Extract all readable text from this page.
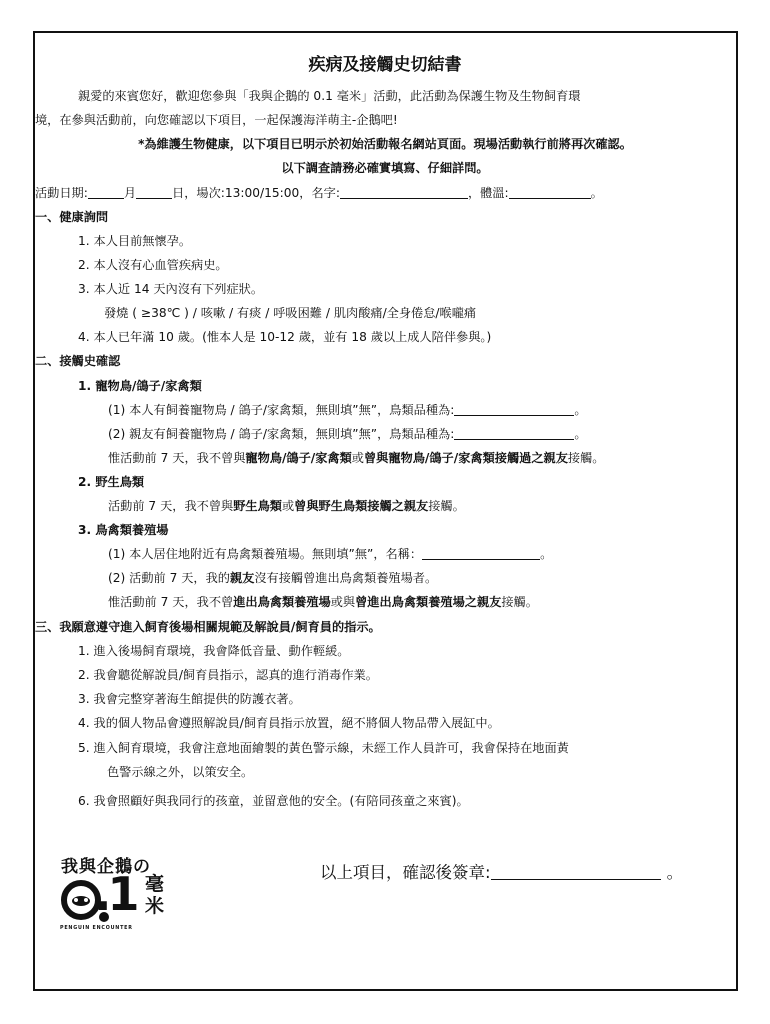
疾病及接觸史切結書
親愛的來賓您好，歡迎您參與「我與企鵝的 0.1 毫米」活動，此活動為保護生物及生物飼育環
境，在參與活動前，向您確認以下項目，一起保護海洋萌主-企鵝吧!
*為維護生物健康，以下項目已明示於初始活動報名網站頁面。現場活動執行前將再次確認。
以下調查請務必確實填寫、仔細詳問。
活動日期:	月	日，場次:13:00/15:00，名字:	，體溫:	。
一、健康詢問
1. 本人目前無懷孕。
2. 本人沒有心血管疾病史。
3. 本人近 14 天內沒有下列症狀。
發燒 ( ≥38℃ ) / 咳嗽 / 有痰 / 呼吸困難 / 肌肉酸痛/全身倦怠/喉嚨痛
4. 本人已年滿 10 歲。(惟本人是 10-12 歲，並有 18 歲以上成人陪伴參與。)
二、接觸史確認
1. 寵物鳥/鴿子/家禽類
(1) 本人有飼養寵物鳥 / 鴿子/家禽類，無則填”無”，鳥類品種為:	。
(2) 親友有飼養寵物鳥 / 鴿子/家禽類，無則填”無”，鳥類品種為:	。
惟活動前 7 天，我不曾與寵物鳥/鴿子/家禽類或曾與寵物鳥/鴿子/家禽類接觸過之親友接觸。
2. 野生鳥類
活動前 7 天，我不曾與野生鳥類或曾與野生鳥類接觸之親友接觸。
3. 鳥禽類養殖場
(1) 本人居住地附近有鳥禽類養殖場。無則填”無”，名稱：	。
(2) 活動前 7 天，我的親友沒有接觸曾進出鳥禽類養殖場者。
惟活動前 7 天，我不曾進出鳥禽類養殖場或與曾進出鳥禽類養殖場之親友接觸。
三、我願意遵守進入飼育後場相關規範及解說員/飼育員的指示。
1. 進入後場飼育環境，我會降低音量、動作輕緩。
2. 我會聽從解說員/飼育員指示，認真的進行消毒作業。
3. 我會完整穿著海生館提供的防護衣著。
4. 我的個人物品會遵照解說員/飼育員指示放置，絕不將個人物品帶入展缸中。
5. 進入飼育環境，我會注意地面繪製的黃色警示線，未經工作人員許可，我會保持在地面黃
色警示線之外，以策安全。
6. 我會照顧好與我同行的孩童，並留意他的安全。(有陪同孩童之來賓)。
我與企鵝の
.1 毫
米
PENGUIN ENCOUNTER
以上項目，確認後簽章:	。
